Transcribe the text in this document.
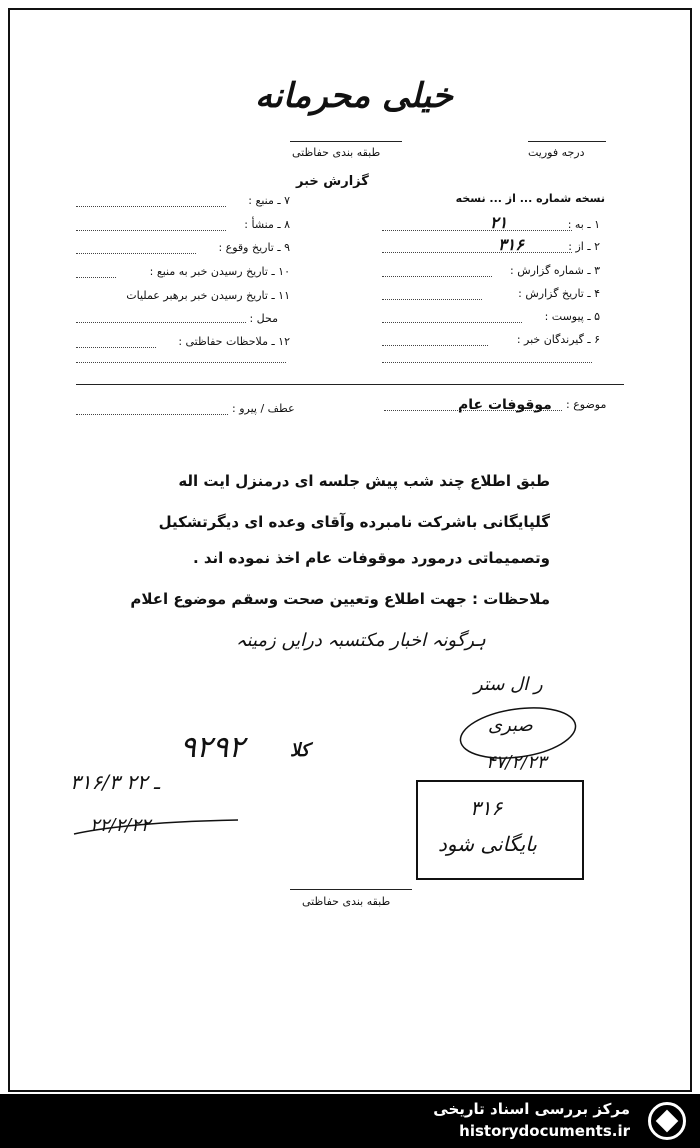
خیلی محرمانه
طبقه بندی حفاظتی	درجه فوریت
گزارش خبر
نسخه شماره ... از ... نسخه
۱ ـ به :
۲۱
۲ ـ از :
۳۱۶
۳ ـ شماره گزارش :
۴ ـ تاریخ گزارش :
۵ ـ پیوست :
۶ ـ گیرندگان خبر :
۷ ـ منبع :
۸ ـ منشأ :
۹ ـ تاریخ وقوع :
۱۰ ـ تاریخ رسیدن خبر به منبع :
۱۱ ـ تاریخ رسیدن خبر برهبر عملیات
محل :
۱۲ ـ ملاحظات حفاظتی :
موضوع :
موقوفات عام
عطف / پیرو :
طبق اطلاع چند شب پیش جلسه ای درمنزل ایت اله
گلپایگانی باشرکت نامبرده وآقای وعده ای دیگرتشکیل
وتصمیماتی درمورد موقوفات عام اخذ نموده اند .
ملاحظات : جهت اطلاع وتعیین صحت وسقم موضوع اعلام
ہرگونہ اخبار مکتسبہ درایں زمینہ
ر ال ستر
صبری
۴۷/۲/۲۳
۹۲۹۲	کلا
۳۱۶/۳ ـ ۲۲
۲۲/۲/۲۲
۳۱۶
بایگانی شود
طبقه بندی حفاظتی
مرکز بررسی اسناد تاریخی
historydocuments.ir
